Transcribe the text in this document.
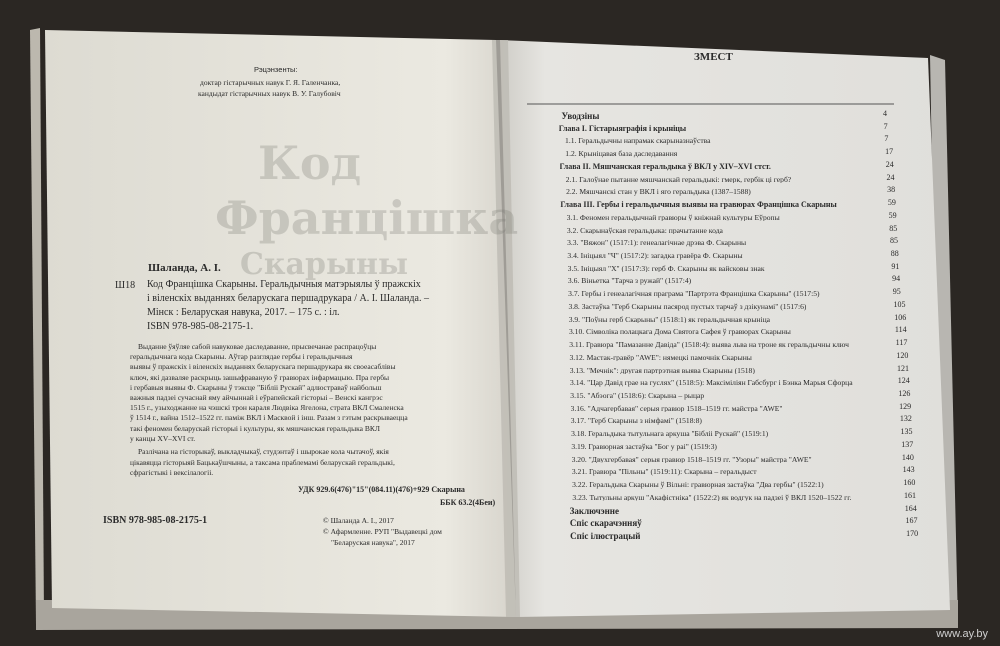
Код
Францішка
Скарыны
Рэцэнзенты:
доктар гістарычных навук Г. Я. Галенчанка,
кандыдат гістарычных навук В. У. Галубовіч
Ш18
Шаланда, А. І.
Код Францішка Скарыны. Геральдычныя матэрыялы ў пражскіх
і віленскіх выданнях беларускага першадрукара / А. І. Шаланда. –
Мінск : Беларуская навука, 2017. – 175 с. : іл.
ISBN 978-985-08-2175-1.
Выданне ўяўляе сабой навуковае даследаванне, прысвечанае распрацоўцы
геральдычнага кода Скарыны. Аўтар разглядае гербы і геральдычныя
выявы ў пражскіх і віленскіх выданнях беларускага першадрукара як своеасаблівы
ключ, які дазваляе раскрыць зашыфраваную ў гравюрах інфармацыю. Пра гербы
і гербавыя выявы Ф. Скарыны ў тэксце "Бібліі Рускай" адлюстраваў найбольш
важныя падзеі сучаснай яму айчыннай і еўрапейскай гісторыі – Венскі кангрэс
1515 г., узыходжанне на чэшскі трон караля Людвіка Ягелона, страта ВКЛ Смаленска
ў 1514 г., вайна 1512–1522 гг. паміж ВКЛ і Масквой і інш. Разам з гэтым раскрываецца
такі феномен беларускай гісторыі і культуры, як мяшчанская геральдыка ВКЛ
у канцы XV–XVI ст.
Разлічана на гісторыкаў, выкладчыкаў, студэнтаў і шырокае кола чытачоў, якія
цікавяцца гісторыяй Бацькаўшчыны, а таксама праблемамі беларускай геральдыкі,
сфрагістыкі і вексілалогіі.
УДК 929.6(476)"15"(084.11)(476)+929 Скарына
ББК 63.2(4Беи)
ISBN 978-985-08-2175-1	© Шаланда А. І., 2017
© Афармленне. РУП "Выдавецкі дом
"Беларуская навука", 2017
ЗМЕСТ
Уводзіны	4
Глава I. Гістарыяграфія і крыніцы	7
1.1. Геральдычны напрамак скарыназнаўства	7
1.2. Крыніцавая база даследавання	17
Глава II. Мяшчанская геральдыка ў ВКЛ у XIV–XVI стст.	24
2.1. Галоўнае пытанне мяшчанскай геральдыкі: гмерк, гербік ці герб?	24
2.2. Мяшчанскі стан у ВКЛ і яго геральдыка (1387–1588)	38
Глава III. Гербы і геральдычныя выявы на гравюрах Францішка Скарыны	59
3.1. Феномен геральдычнай гравюры ў кніжнай культуры Еўропы	59
3.2. Скарынаўская геральдыка: прачытанне кода	85
3.3. "Вяжон" (1517:1): генеалагічнае дрэва Ф. Скарыны	85
3.4. Ініцыял "Ч" (1517:2): загадка гравёра Ф. Скарыны	88
3.5. Ініцыял "Х" (1517:3): герб Ф. Скарыны як вайсковы знак	91
3.6. Віньетка "Тарча з ружай" (1517:4)	94
3.7. Гербы і генеалагічная праграма "Партрэта Францішка Скарыны" (1517:5)	95
3.8. Застаўка "Герб Скарыны пасярод пустых тарчаў з дзікунамі" (1517:6)	105
3.9. "Поўны герб Скарыны" (1518:1) як геральдычная крыніца	106
3.10. Сімволіка полацкага Дома Святога Сафея ў гравюрах Скарыны	114
3.11. Гравюра "Памазанне Давіда" (1518:4): выява льва на троне як геральдычны ключ	117
3.12. Мастак-гравёр "AWE": нямецкі памочнік Скарыны	120
3.13. "Мечнік": другая партрэтная выява Скарыны (1518)	121
3.14. "Цар Давід грае на гуслях" (1518:5): Максіміліян Габсбург і Бэнка Марыя Сфорца	124
3.15. "Абэога" (1518:6): Скарына – рыцар	126
3.16. "Адчагербавая" серыя гравюр 1518–1519 гг. майстра "AWE"	129
3.17. "Герб Скарыны з німфамі" (1518:8)	132
3.18. Геральдыка тытульнага аркуша "Бібліі Рускай" (1519:1)	135
3.19. Гравюрная застаўка "Бог у раі" (1519:3)	137
3.20. "Двухгербавая" серыя гравюр 1518–1519 гг. "Узоры" майстра "AWE"	140
3.21. Гравюра "Пільны" (1519:11): Скарына – геральдыст	143
3.22. Геральдыка Скарыны ў Вільні: гравюрная застаўка "Два гербы" (1522:1)	160
3.23. Тытульны аркуш "Акафістніка" (1522:2) як водгук на падзеі ў ВКЛ 1520–1522 гг.	161
Заключэнне	164
Спіс скарачэнняў	167
Спіс ілюстрацый	170
www.ay.by
